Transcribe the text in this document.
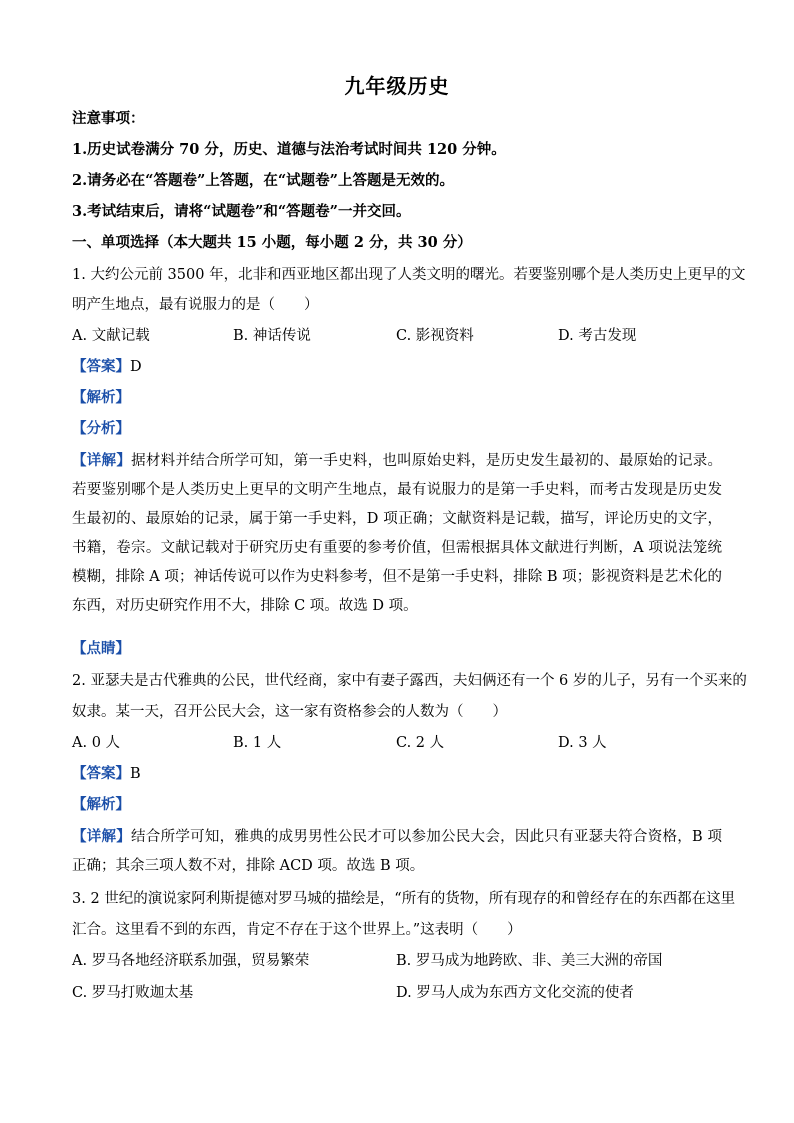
九年级历史
注意事项：
1.历史试卷满分 70 分，历史、道德与法治考试时间共 120 分钟。
2.请务必在“答题卷”上答题，在“试题卷”上答题是无效的。
3.考试结束后，请将“试题卷”和“答题卷”一并交回。
一、单项选择（本大题共 15 小题，每小题 2 分，共 30 分）
1. 大约公元前 3500 年，北非和西亚地区都出现了人类文明的曙光。若要鉴别哪个是人类历史上更早的文
明产生地点，最有说服力的是（　　）
A. 文献记载	B. 神话传说	C. 影视资料	D. 考古发现
【答案】D
【解析】
【分析】
【详解】据材料并结合所学可知，第一手史料，也叫原始史料，是历史发生最初的、最原始的记录。若要鉴别哪个是人类历史上更早的文明产生地点，最有说服力的是第一手史料，而考古发现是历史发生最初的、最原始的记录，属于第一手史料，D 项正确；文献资料是记载，描写，评论历史的文字，书籍，卷宗。文献记载对于研究历史有重要的参考价值，但需根据具体文献进行判断，A 项说法笼统模糊，排除 A 项；神话传说可以作为史料参考，但不是第一手史料，排除 B 项；影视资料是艺术化的东西，对历史研究作用不大，排除 C 项。故选 D 项。
【点睛】
2. 亚瑟夫是古代雅典的公民，世代经商，家中有妻子露西，夫妇俩还有一个 6 岁的儿子，另有一个买来的
奴隶。某一天，召开公民大会，这一家有资格参会的人数为（　　）
A. 0 人	B. 1 人	C. 2 人	D. 3 人
【答案】B
【解析】
【详解】结合所学可知，雅典的成男男性公民才可以参加公民大会，因此只有亚瑟夫符合资格，B 项正确；其余三项人数不对，排除 ACD 项。故选 B 项。
3. 2 世纪的演说家阿利斯提德对罗马城的描绘是，“所有的货物，所有现存的和曾经存在的东西都在这里
汇合。这里看不到的东西，肯定不存在于这个世界上。”这表明（　　）
A. 罗马各地经济联系加强，贸易繁荣	B. 罗马成为地跨欧、非、美三大洲的帝国
C. 罗马打败迦太基	D. 罗马人成为东西方文化交流的使者
